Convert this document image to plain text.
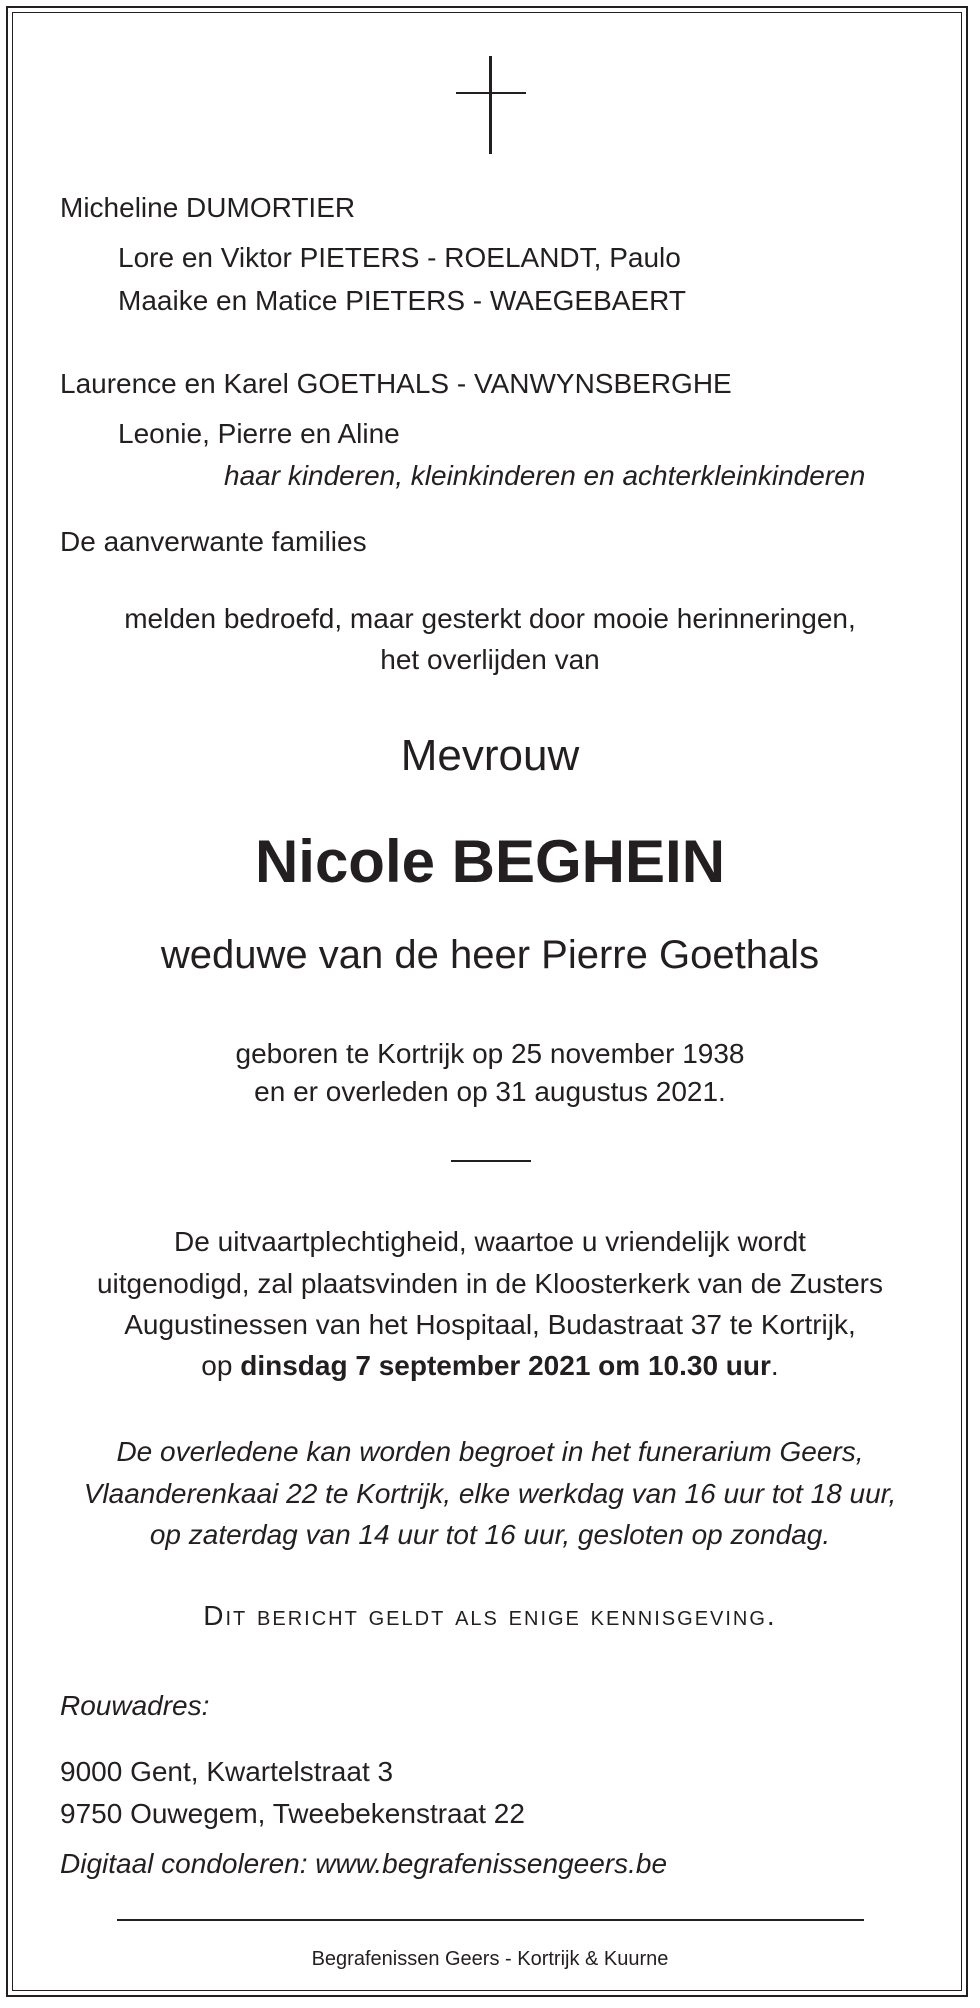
Micheline DUMORTIER
Lore en Viktor PIETERS - ROELANDT, Paulo
Maaike en Matice PIETERS - WAEGEBAERT
Laurence en Karel GOETHALS - VANWYNSBERGHE
Leonie, Pierre en Aline
haar kinderen, kleinkinderen en achterkleinkinderen
De aanverwante families
melden bedroefd, maar gesterkt door mooie herinneringen,
het overlijden van
Mevrouw
Nicole BEGHEIN
weduwe van de heer Pierre Goethals
geboren te Kortrijk op 25 november 1938
en er overleden op 31 augustus 2021.
De uitvaartplechtigheid, waartoe u vriendelijk wordt
uitgenodigd, zal plaatsvinden in de Kloosterkerk van de Zusters
Augustinessen van het Hospitaal, Budastraat 37 te Kortrijk,
op dinsdag 7 september 2021 om 10.30 uur.
De overledene kan worden begroet in het funerarium Geers,
Vlaanderenkaai 22 te Kortrijk, elke werkdag van 16 uur tot 18 uur,
op zaterdag van 14 uur tot 16 uur, gesloten op zondag.
Dit bericht geldt als enige kennisgeving.
Rouwadres:
9000 Gent, Kwartelstraat 3
9750 Ouwegem, Tweebekenstraat 22
Digitaal condoleren: www.begrafenissengeers.be
Begrafenissen Geers - Kortrijk & Kuurne
